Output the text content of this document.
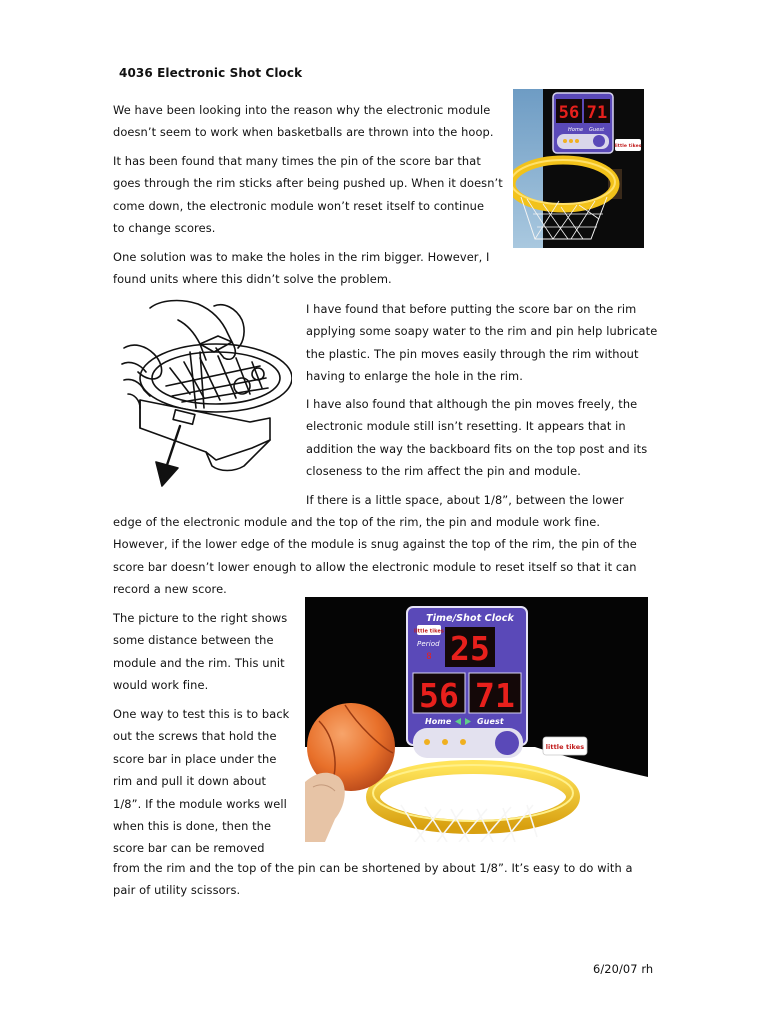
4036 Electronic Shot Clock

We have been looking into the reason why the electronic module

doesn’t seem to work when basketballs are thrown into the hoop.

It has been found that many times the pin of the score bar that

goes through the rim sticks after being pushed up. When it doesn’t

come down, the electronic module won’t reset itself to continue

to change scores.

One solution was to make the holes in the rim bigger. However, I

found units where this didn’t solve the problem.

I have found that before putting the score bar on the rim

applying some soapy water to the rim and pin help lubricate

the plastic. The pin moves easily through the rim without

having to enlarge the hole in the rim.

I have also found that although the pin moves freely, the

electronic module still isn’t resetting. It appears that in

addition the way the backboard fits on the top post and its

closeness to the rim affect the pin and module.

If there is a little space, about 1/8”, between the lower

edge of the electronic module and the top of the rim, the pin and module work fine.

However, if the lower edge of the module is snug against the top of the rim, the pin of the

score bar doesn’t lower enough to allow the electronic module to reset itself so that it can

record a new score.

The picture to the right shows

some distance between the

module and the rim. This unit

would work fine.

One way to test this is to back

out the screws that hold the

score bar in place under the

rim and pull it down about

1/8”. If the module works well

when this is done, then the

score bar can be removed

from the rim and the top of the pin can be shortened by about 1/8”. It’s easy to do with a

pair of utility scissors.

56 71
Home Guest
little tikes
Time/Shot Clock
little tikes
Period
8 25
56 71
Home	Guest
little tikes
6/20/07 rh
